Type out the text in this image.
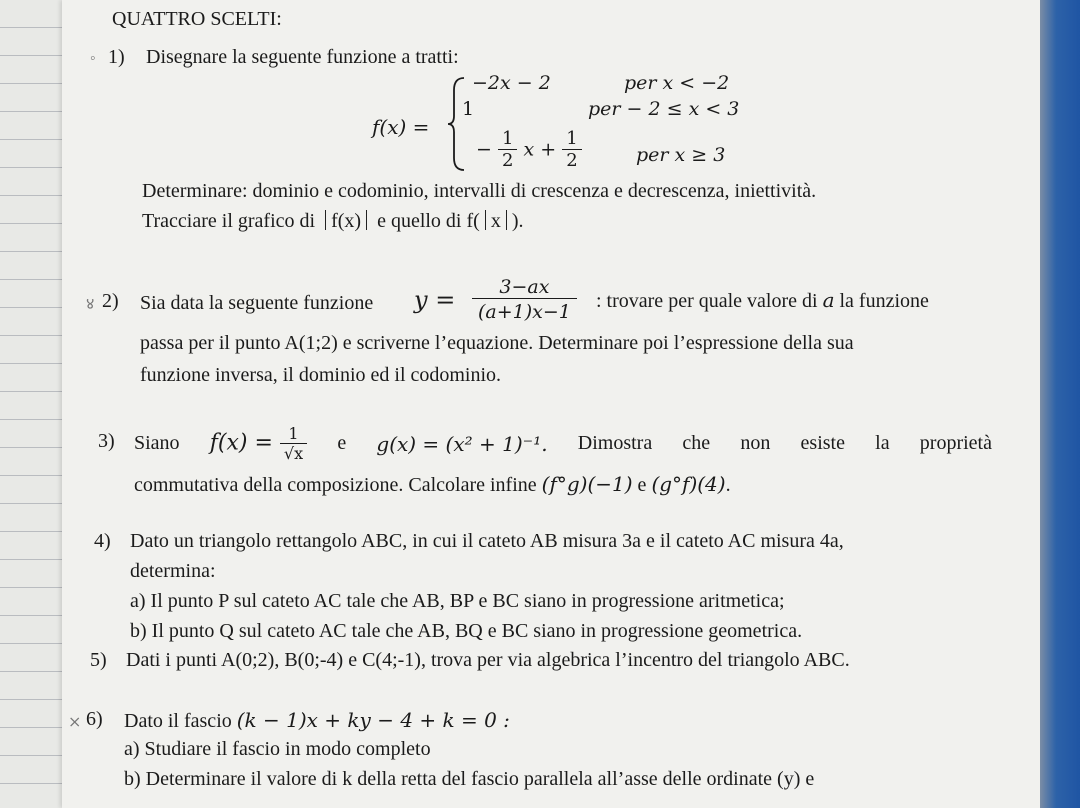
QUATTRO SCELTI:
◦ 1) Disegnare la seguente funzione a tratti:
f(x) =
−2x − 2	per x < −2
1	per − 2 ≤ x < 3
− $\frac{1}{2}$ $x + \frac{1}{2}$	per x ≥ 3
Determinare: dominio e codominio, intervalli di crescenza e decrescenza, iniettività.
Tracciare il grafico di f(x) e quello di f( x ).
४ 2) Sia data la seguente funzione $y = \frac{3-ax}{(a+1)x-1}$ : trovare per quale valore di a la funzione
passa per il punto A(1;2) e scriverne l’equazione. Determinare poi l’espressione della sua
funzione inversa, il dominio ed il codominio.
3) Siano $f(x) = \frac{1}{√x}$ e g(x) = (x² + 1)⁻¹. Dimostra che non esiste la proprietà
commutativa della composizione. Calcolare infine (f°g)(−1) e (g°f)(4).
4) Dato un triangolo rettangolo ABC, in cui il cateto AB misura 3a e il cateto AC misura 4a,
determina:
a) Il punto P sul cateto AC tale che AB, BP e BC siano in progressione aritmetica;
b) Il punto Q sul cateto AC tale che AB, BQ e BC siano in progressione geometrica.
5) Dati i punti A(0;2), B(0;-4) e C(4;-1), trova per via algebrica l’incentro del triangolo ABC.
⨯ 6) Dato il fascio (k − 1)x + ky − 4 + k = 0 :
a) Studiare il fascio in modo completo
b) Determinare il valore di k della retta del fascio parallela all’asse delle ordinate (y) e
